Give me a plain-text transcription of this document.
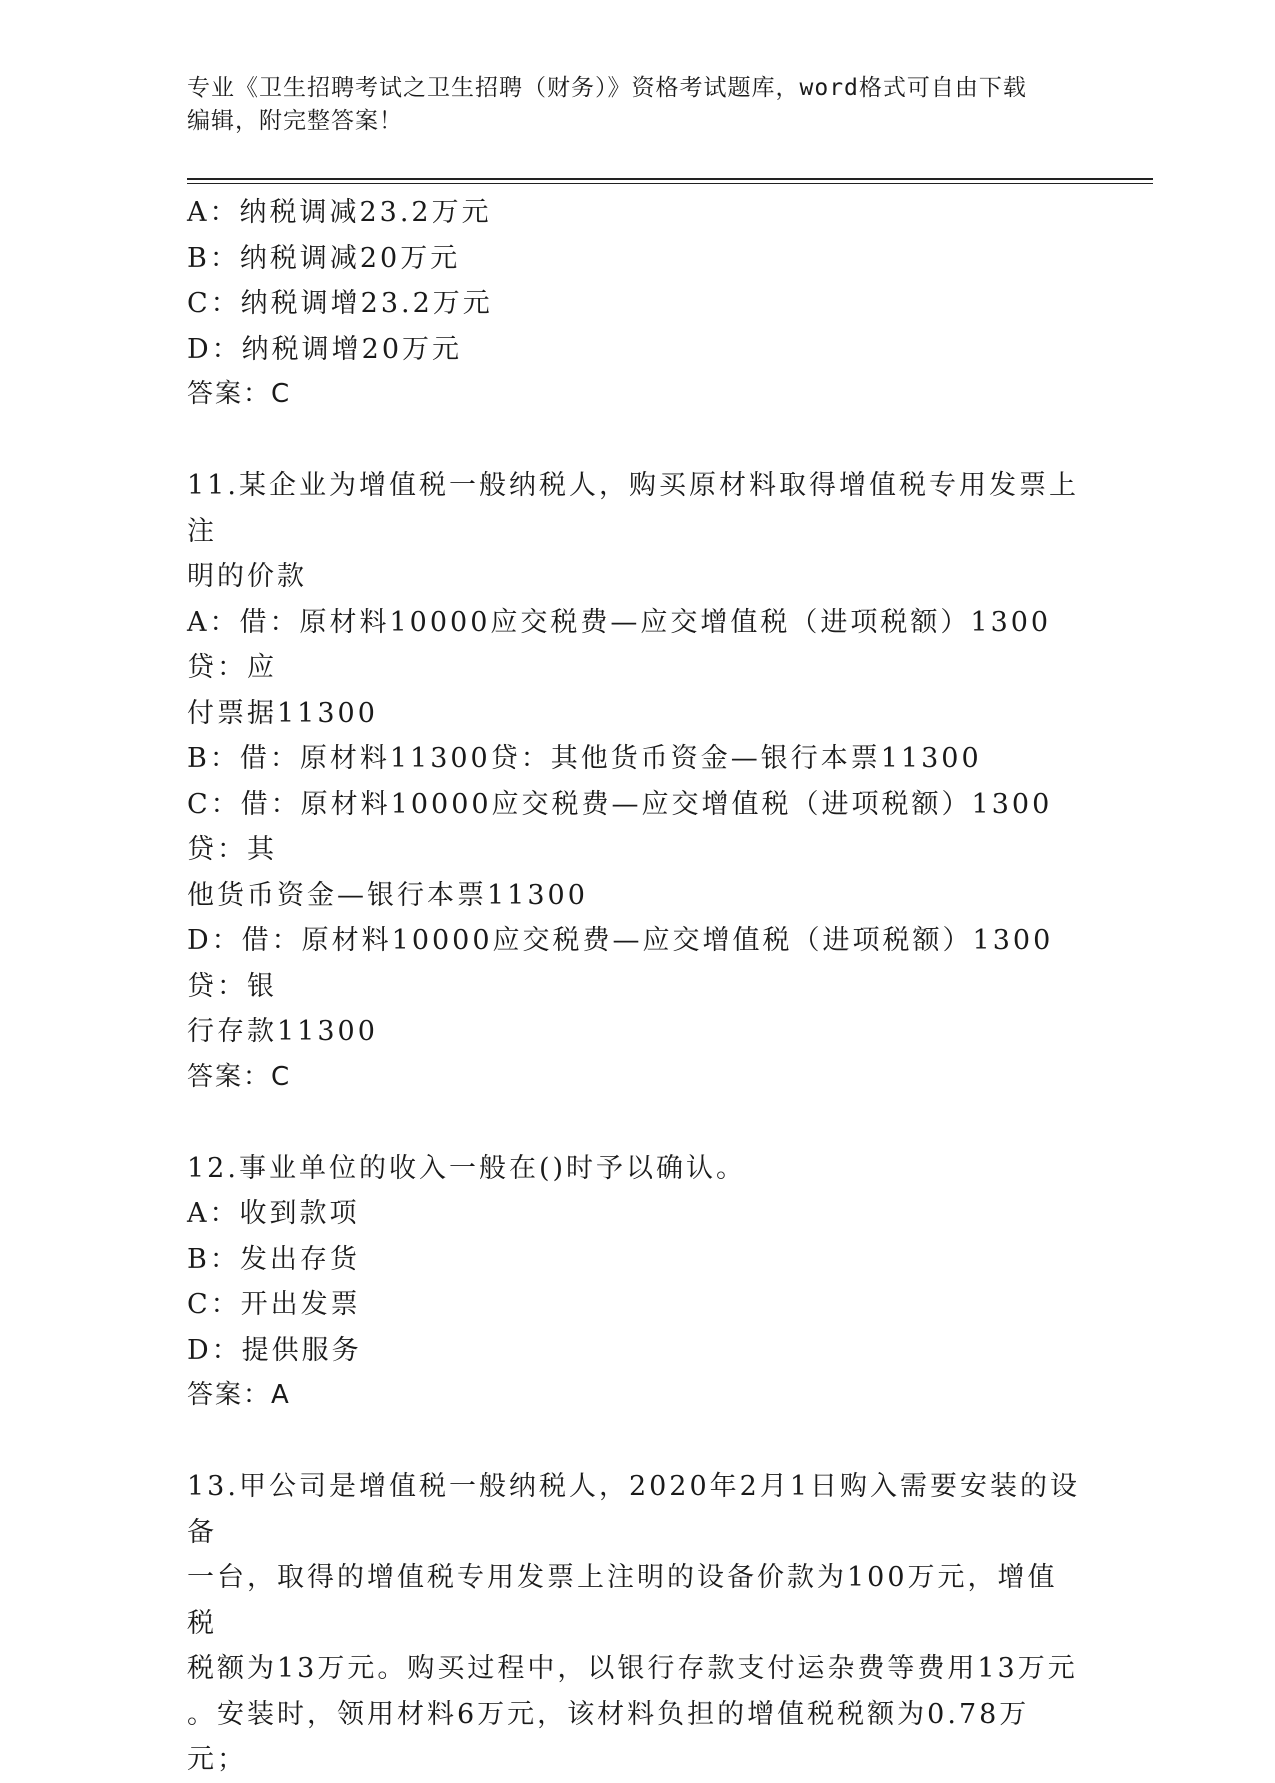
专业《卫生招聘考试之卫生招聘（财务）》资格考试题库，word格式可自由下载
编辑，附完整答案！

A：纳税调减23.2万元

B：纳税调减20万元

C：纳税调增23.2万元

D：纳税调增20万元

答案：C

11.某企业为增值税一般纳税人，购买原材料取得增值税专用发票上注

明的价款

A：借：原材料10000应交税费—应交增值税（进项税额）1300贷：应

付票据11300

B：借：原材料11300贷：其他货币资金—银行本票11300

C：借：原材料10000应交税费—应交增值税（进项税额）1300贷：其

他货币资金—银行本票11300

D：借：原材料10000应交税费—应交增值税（进项税额）1300贷：银

行存款11300

答案：C

12.事业单位的收入一般在()时予以确认。

A：收到款项

B：发出存货

C：开出发票

D：提供服务

答案：A

13.甲公司是增值税一般纳税人，2020年2月1日购入需要安装的设备

一台，取得的增值税专用发票上注明的设备价款为100万元，增值税

税额为13万元。购买过程中，以银行存款支付运杂费等费用13万元

。安装时，领用材料6万元，该材料负担的增值税税额为0.78万元；
